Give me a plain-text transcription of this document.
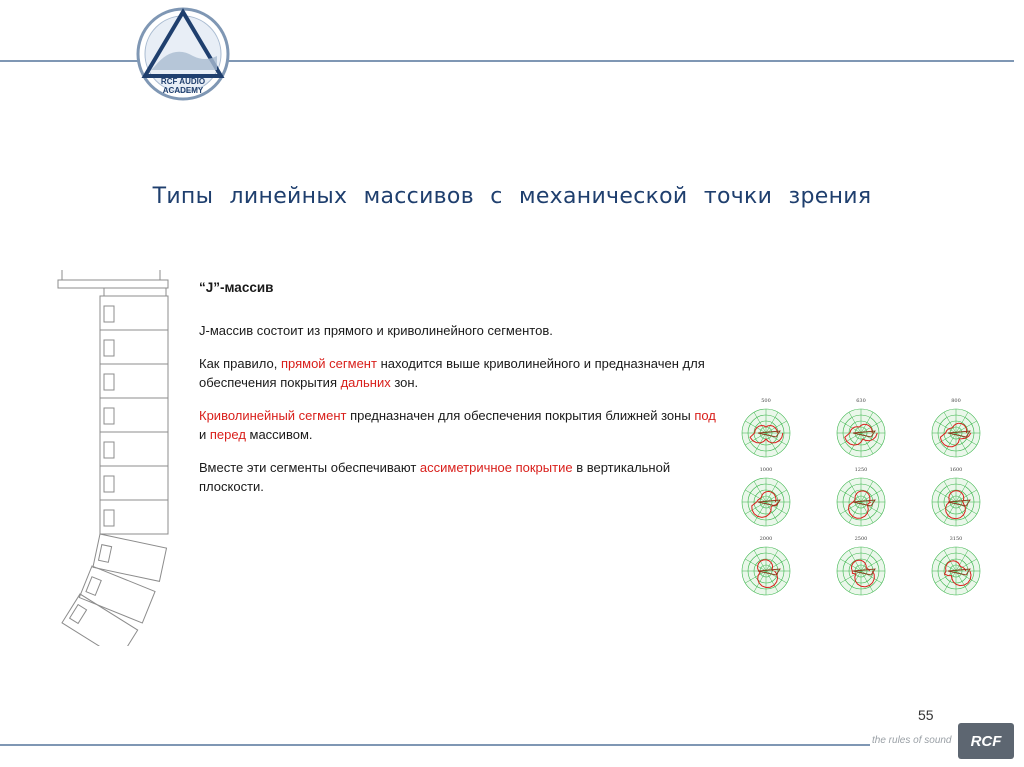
RCF AUDIO
ACADEMY
Типы линейных массивов с механической точки зрения

“J”-массив

J-массив состоит из прямого и криволинейного сегментов.

Как правило, прямой сегмент находится выше криволинейного и предназначен для обеспечения покрытия дальних зон.

Криволинейный сегмент предназначен для обеспечения покрытия ближней зоны под и перед массивом.

Вместе эти сегменты обеспечивают ассиметричное покрытие в вертикальной плоскости.

500	630	800
1000	1250	1600
2000	2500	3150
55
the rules of sound	RCF
